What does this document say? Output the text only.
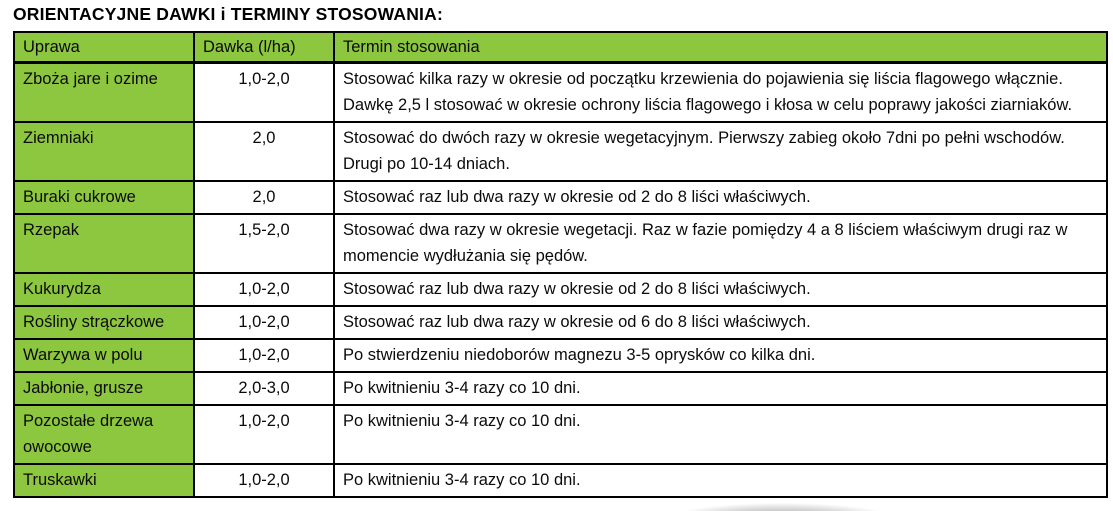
ORIENTACYJNE DAWKI i TERMINY STOSOWANIA:
Uprawa	Dawka (l/ha)	Termin stosowania
Zboża jare i ozime	1,0-2,0	Stosować kilka razy w okresie od początku krzewienia do pojawienia się liścia flagowego włącznie. Dawkę 2,5 l stosować w okresie ochrony liścia flagowego i kłosa w celu poprawy jakości ziarniaków.
Ziemniaki	2,0	Stosować do dwóch razy w okresie wegetacyjnym. Pierwszy zabieg około 7dni po pełni wschodów. Drugi po 10-14 dniach.
Buraki cukrowe	2,0	Stosować raz lub dwa razy w okresie od 2 do 8 liści właściwych.
Rzepak	1,5-2,0	Stosować dwa razy w okresie wegetacji. Raz w fazie pomiędzy 4 a 8 liściem właściwym drugi raz w momencie wydłużania się pędów.
Kukurydza	1,0-2,0	Stosować raz lub dwa razy w okresie od 2 do 8 liści właściwych.
Rośliny strączkowe	1,0-2,0	Stosować raz lub dwa razy w okresie od 6 do 8 liści właściwych.
Warzywa w polu	1,0-2,0	Po stwierdzeniu niedoborów magnezu 3-5 oprysków co kilka dni.
Jabłonie, grusze	2,0-3,0	Po kwitnieniu 3-4 razy co 10 dni.
Pozostałe drzewa owocowe	1,0-2,0	Po kwitnieniu 3-4 razy co 10 dni.
Truskawki	1,0-2,0	Po kwitnieniu 3-4 razy co 10 dni.
